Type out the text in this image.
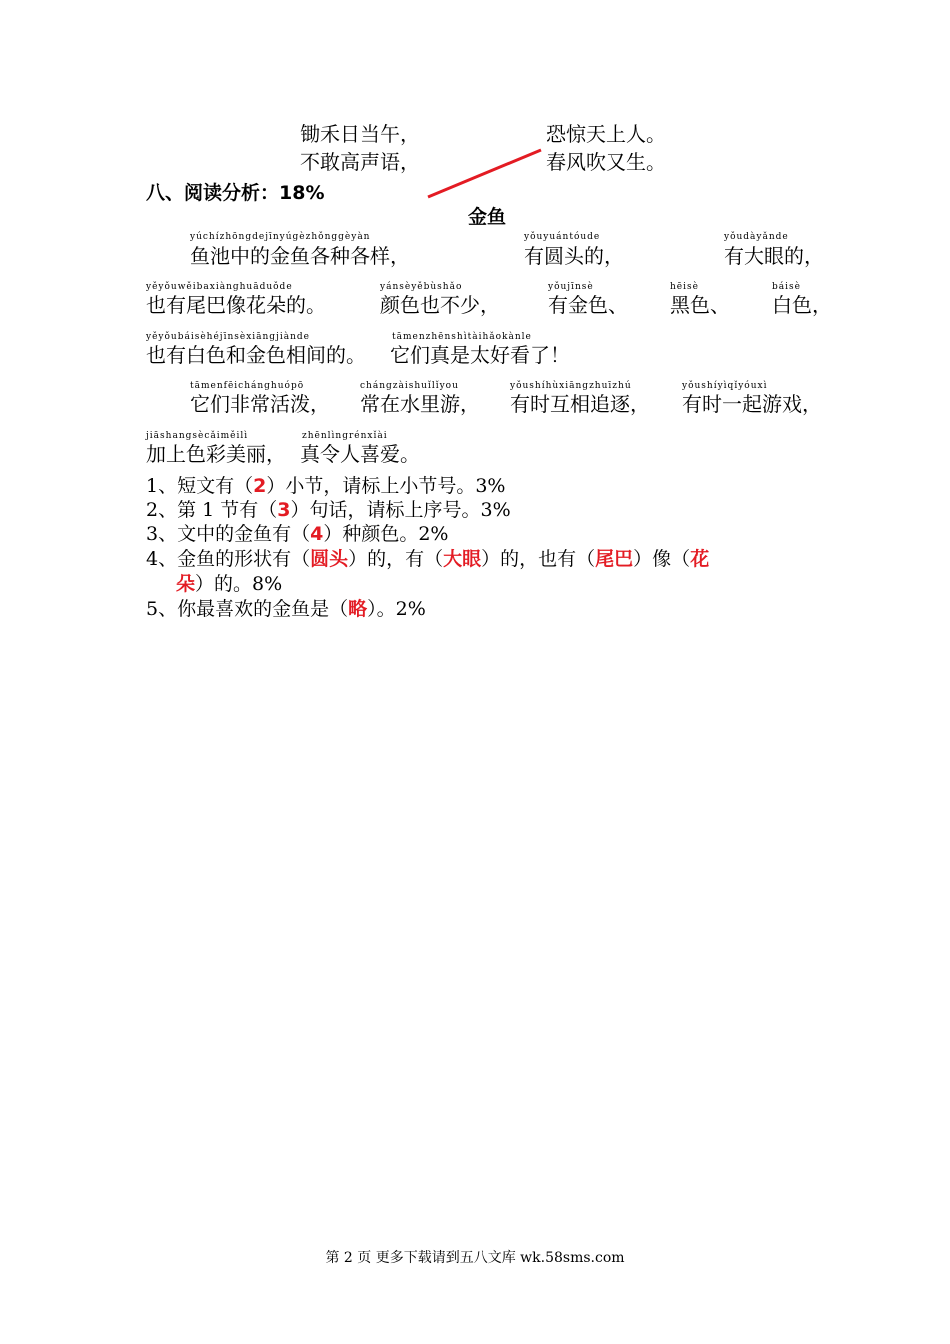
锄禾日当午，
不敢高声语，
恐惊天上人。
春风吹又生。
八、阅读分析：18%
金鱼
yúchízhōngdejīnyúgèzhǒnggèyàn	yǒuyuántóude	yǒudàyǎnde
鱼池中的金鱼各种各样，	有圆头的，	有大眼的，
yěyǒuwěibaxiànghuāduǒde	yánsèyěbùshǎo	yǒujīnsè	hēisè	báisè
也有尾巴像花朵的。	颜色也不少， 有金色、 黑色、 白色，
yěyǒubáisèhéjīnsèxiāngjiànde	tāmenzhēnshìtàihǎokànle
也有白色和金色相间的。 它们真是太好看了！
tāmenfēichánghuópō	chángzàishuǐlǐyou	yǒushíhùxiāngzhuīzhú	yǒushíyìqǐyóuxì
它们非常活泼， 常在水里游， 有时互相追逐， 有时一起游戏，
jiāshangsècǎiměilì	zhēnlìngrénxǐài
加上色彩美丽， 真令人喜爱。
1、短文有（2）小节，请标上小节号。3%
2、第 1 节有（3）句话，请标上序号。3%
3、文中的金鱼有（4）种颜色。2%
4、金鱼的形状有（圆头）的，有（大眼）的，也有（尾巴）像（花
朵）的。8%
5、你最喜欢的金鱼是（略）。2%
第 2 页 更多下载请到五八文库 wk.58sms.com
